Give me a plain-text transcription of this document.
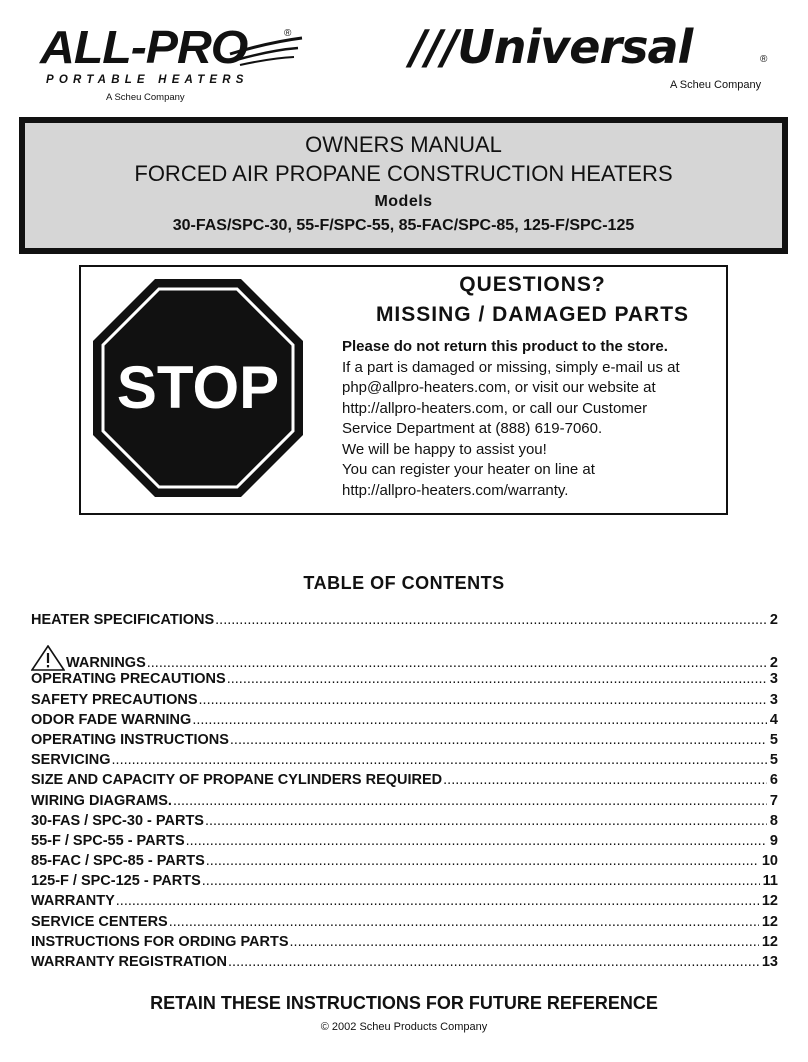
ALL-PRO	®
PORTABLE HEATERS
A Scheu Company
///Universal	®
A Scheu Company
OWNERS MANUAL
FORCED AIR PROPANE CONSTRUCTION HEATERS
Models
30-FAS/SPC-30, 55-F/SPC-55, 85-FAC/SPC-85, 125-F/SPC-125
STOP
QUESTIONS?
MISSING / DAMAGED PARTS
Please do not return this product to the store.
If a part is damaged or missing, simply e-mail us at
php@allpro-heaters.com, or visit our website at
http://allpro-heaters.com, or call our Customer
Service Department at (888) 619-7060.
We will be happy to assist you!
You can register your heater on line at
http://allpro-heaters.com/warranty.
TABLE OF CONTENTS
HEATER SPECIFICATIONS .....	2
WARNINGS .....	2
OPERATING PRECAUTIONS .....	3
SAFETY PRECAUTIONS .....	3
ODOR FADE WARNING .....	4
OPERATING INSTRUCTIONS .....	5
SERVICING .....	5
SIZE AND CAPACITY OF PROPANE CYLINDERS REQUIRED .....	6
WIRING DIAGRAMS. .....	7
30-FAS / SPC-30 - PARTS .....	8
55-F / SPC-55 - PARTS .....	9
85-FAC / SPC-85 - PARTS .....	10
125-F / SPC-125 - PARTS .....	11
WARRANTY .....	12
SERVICE CENTERS .....	12
INSTRUCTIONS FOR ORDING PARTS .....	12
WARRANTY REGISTRATION .....	13
RETAIN THESE INSTRUCTIONS FOR FUTURE REFERENCE
© 2002 Scheu Products Company
